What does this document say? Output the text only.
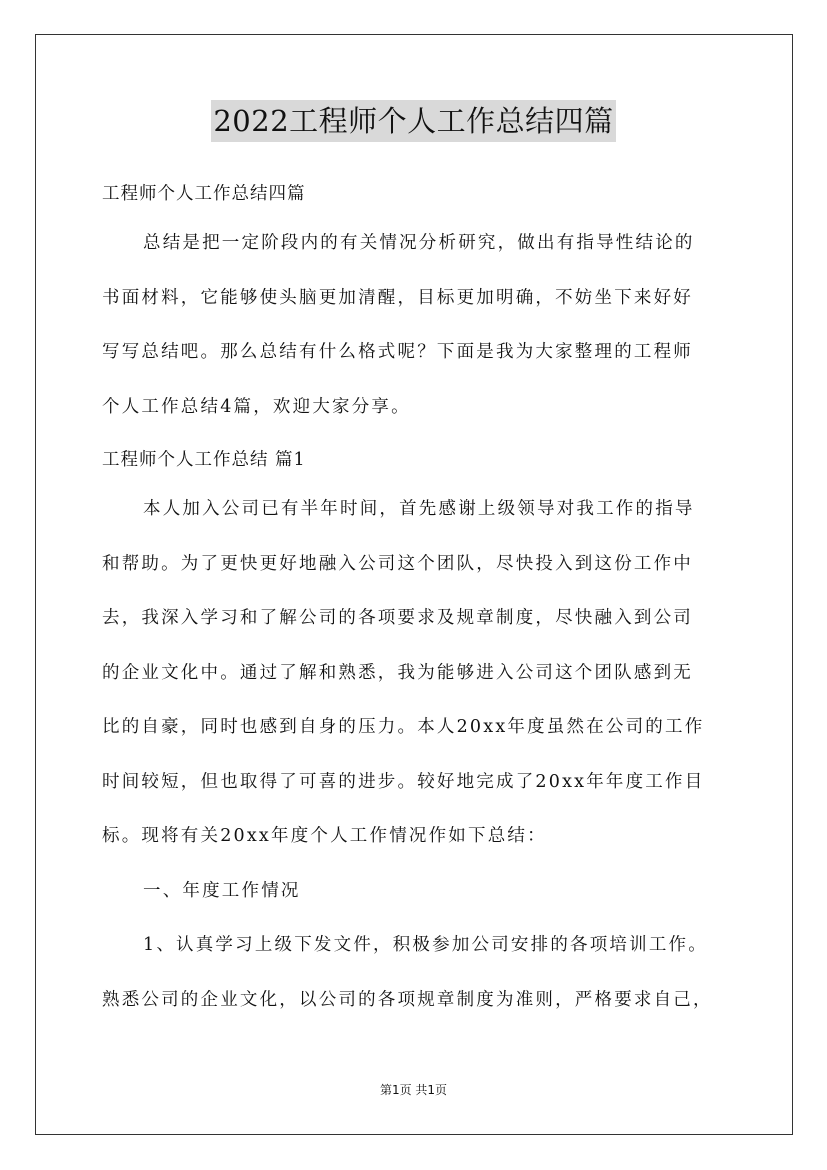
2022工程师个人工作总结四篇
工程师个人工作总结四篇
总结是把一定阶段内的有关情况分析研究，做出有指导性结论的
书面材料，它能够使头脑更加清醒，目标更加明确，不妨坐下来好好
写写总结吧。那么总结有什么格式呢？下面是我为大家整理的工程师
个人工作总结4篇，欢迎大家分享。
工程师个人工作总结 篇1
本人加入公司已有半年时间，首先感谢上级领导对我工作的指导
和帮助。为了更快更好地融入公司这个团队，尽快投入到这份工作中
去，我深入学习和了解公司的各项要求及规章制度，尽快融入到公司
的企业文化中。通过了解和熟悉，我为能够进入公司这个团队感到无
比的自豪，同时也感到自身的压力。本人20xx年度虽然在公司的工作
时间较短，但也取得了可喜的进步。较好地完成了20xx年年度工作目
标。现将有关20xx年度个人工作情况作如下总结：
一、年度工作情况
1、认真学习上级下发文件，积极参加公司安排的各项培训工作。
熟悉公司的企业文化，以公司的各项规章制度为准则，严格要求自己，
第1页 共1页
